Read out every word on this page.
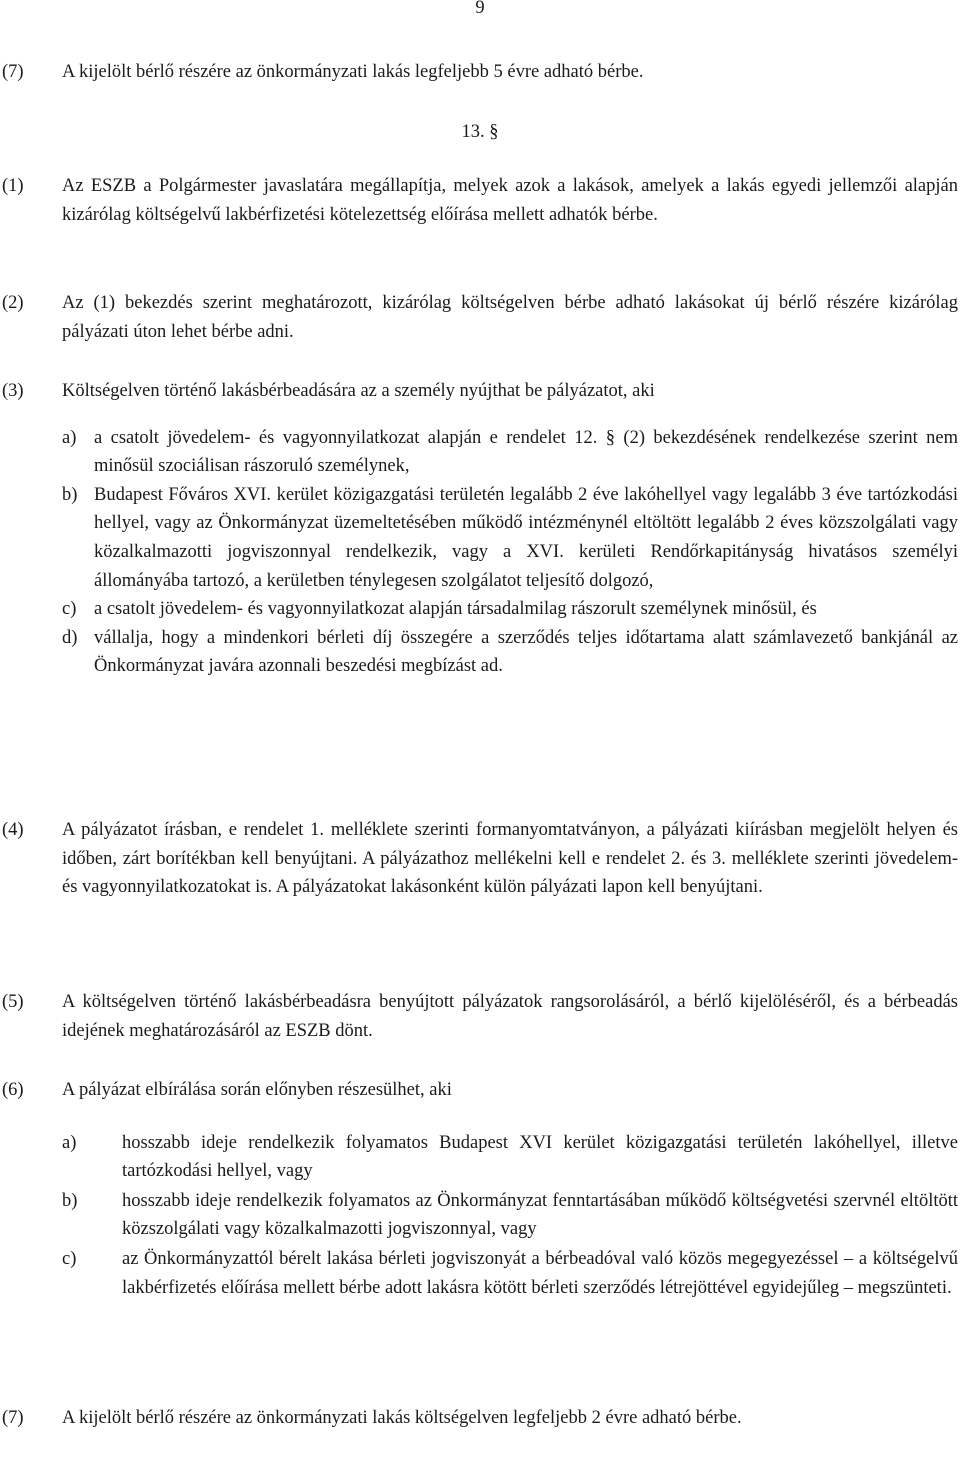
9
(7) A kijelölt bérlő részére az önkormányzati lakás legfeljebb 5 évre adható bérbe.
13. §
(1) Az ESZB a Polgármester javaslatára megállapítja, melyek azok a lakások, amelyek a lakás egyedi jellemzői alapján kizárólag költségelvű lakbérfizetési kötelezettség előírása mellett adhatók bérbe.
(2) Az (1) bekezdés szerint meghatározott, kizárólag költségelven bérbe adható lakásokat új bérlő részére kizárólag pályázati úton lehet bérbe adni.
(3) Költségelven történő lakásbérbeadására az a személy nyújthat be pályázatot, aki
a) a csatolt jövedelem- és vagyonnyilatkozat alapján e rendelet 12. § (2) bekezdésének rendelkezése szerint nem minősül szociálisan rászoruló személynek,
b) Budapest Főváros XVI. kerület közigazgatási területén legalább 2 éve lakóhellyel vagy legalább 3 éve tartózkodási hellyel, vagy az Önkormányzat üzemeltetésében működő intézménynél eltöltött legalább 2 éves közszolgálati vagy közalkalmazotti jogviszonnyal rendelkezik, vagy a XVI. kerületi Rendőrkapitányság hivatásos személyi állományába tartozó, a kerületben ténylegesen szolgálatot teljesítő dolgozó,
c) a csatolt jövedelem- és vagyonnyilatkozat alapján társadalmilag rászorult személynek minősül, és
d) vállalja, hogy a mindenkori bérleti díj összegére a szerződés teljes időtartama alatt számlavezető bankjánál az Önkormányzat javára azonnali beszedési megbízást ad.
(4) A pályázatot írásban, e rendelet 1. melléklete szerinti formanyomtatványon, a pályázati kiírásban megjelölt helyen és időben, zárt borítékban kell benyújtani. A pályázathoz mellékelni kell e rendelet 2. és 3. melléklete szerinti jövedelem- és vagyonnyilatkozatokat is. A pályázatokat lakásonként külön pályázati lapon kell benyújtani.
(5) A költségelven történő lakásbérbeadásra benyújtott pályázatok rangsorolásáról, a bérlő kijelöléséről, és a bérbeadás idejének meghatározásáról az ESZB dönt.
(6) A pályázat elbírálása során előnyben részesülhet, aki
a) hosszabb ideje rendelkezik folyamatos Budapest XVI kerület közigazgatási területén lakóhellyel, illetve tartózkodási hellyel, vagy
b) hosszabb ideje rendelkezik folyamatos az Önkormányzat fenntartásában működő költségvetési szervnél eltöltött közszolgálati vagy közalkalmazotti jogviszonnyal, vagy
c) az Önkormányzattól bérelt lakása bérleti jogviszonyát a bérbeadóval való közös megegyezéssel – a költségelvű lakbérfizetés előírása mellett bérbe adott lakásra kötött bérleti szerződés létrejöttével egyidejűleg – megszünteti.
(7) A kijelölt bérlő részére az önkormányzati lakás költségelven legfeljebb 2 évre adható bérbe.
